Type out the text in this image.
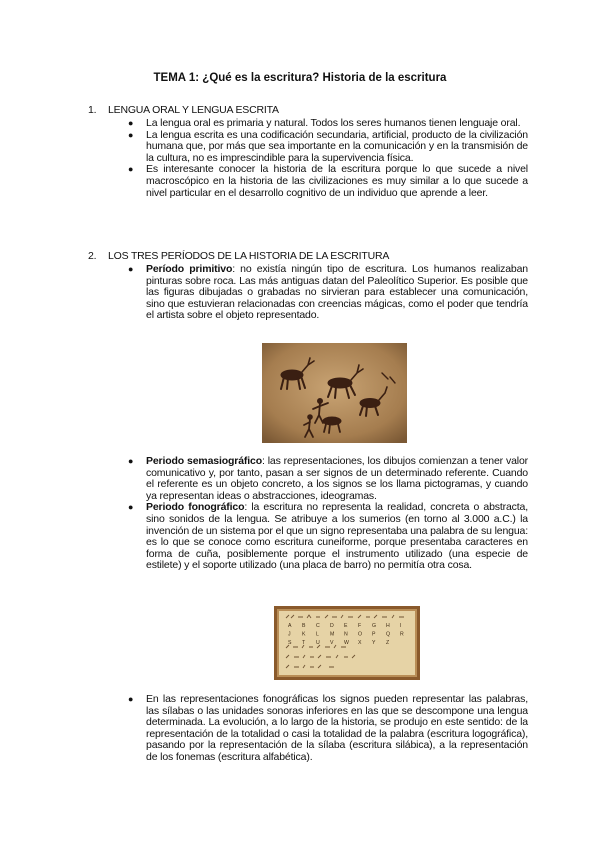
TEMA 1: ¿Qué es la escritura? Historia de la escritura
1. LENGUA ORAL Y LENGUA ESCRITA

● La lengua oral es primaria y natural. Todos los seres humanos tienen lenguaje oral.

● La lengua escrita es una codificación secundaria, artificial, producto de la civilización humana que, por más que sea importante en la comunicación y en la transmisión de la cultura, no es imprescindible para la supervivencia física.

● Es interesante conocer la historia de la escritura porque lo que sucede a nivel macroscópico en la historia de las civilizaciones es muy similar a lo que sucede a nivel particular en el desarrollo cognitivo de un individuo que aprende a leer.

2. LOS TRES PERÍODOS DE LA HISTORIA DE LA ESCRITURA

● Período primitivo: no existía ningún tipo de escritura. Los humanos realizaban pinturas sobre roca. Las más antiguas datan del Paleolítico Superior. Es posible que las figuras dibujadas o grabadas no sirvieran para establecer una comunicación, sino que estuvieran relacionadas con creencias mágicas, como el poder que tendría el artista sobre el objeto representado.

● Periodo semasiográfico: las representaciones, los dibujos comienzan a tener valor comunicativo y, por tanto, pasan a ser signos de un determinado referente. Cuando el referente es un objeto concreto, a los signos se los llama pictogramas, y cuando ya representan ideas o abstracciones, ideogramas.

● Periodo fonográfico: la escritura no representa la realidad, concreta o abstracta, sino sonidos de la lengua. Se atribuye a los sumerios (en torno al 3.000 a.C.) la invención de un sistema por el que un signo representaba una palabra de su lengua: es lo que se conoce como escritura cuneiforme, porque presentaba caracteres en forma de cuña, posiblemente porque el instrumento utilizado (una especie de estilete) y el soporte utilizado (una placa de barro) no permitía otra cosa.

A B C D E F G H I
J K L M N O P Q R
S T U V W X Y Z

● En las representaciones fonográficas los signos pueden representar las palabras, las sílabas o las unidades sonoras inferiores en las que se descompone una lengua determinada. La evolución, a lo largo de la historia, se produjo en este sentido: de la representación de la totalidad o casi la totalidad de la palabra (escritura logográfica), pasando por la representación de la sílaba (escritura silábica), a la representación de los fonemas (escritura alfabética).
